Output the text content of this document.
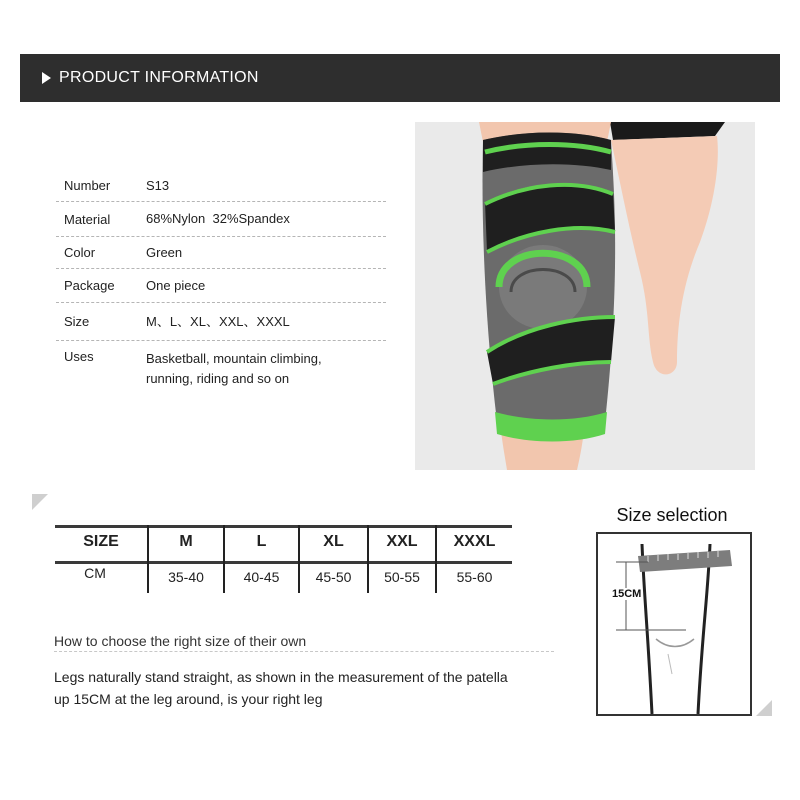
PRODUCT INFORMATION
Number	S13
Material	68%Nylon  32%Spandex
Color	Green
Package	One piece
Size	M、L、XL、XXL、XXXL
Uses	Basketball, mountain climbing, running, riding and so on
SIZE	M	L	XL	XXL	XXXL
CM	35-40	40-45	45-50	50-55	55-60
How to choose the right size of their own
Legs naturally stand straight, as shown in the measurement of the patella up 15CM at the leg around, is your right leg
Size selection
15CM
